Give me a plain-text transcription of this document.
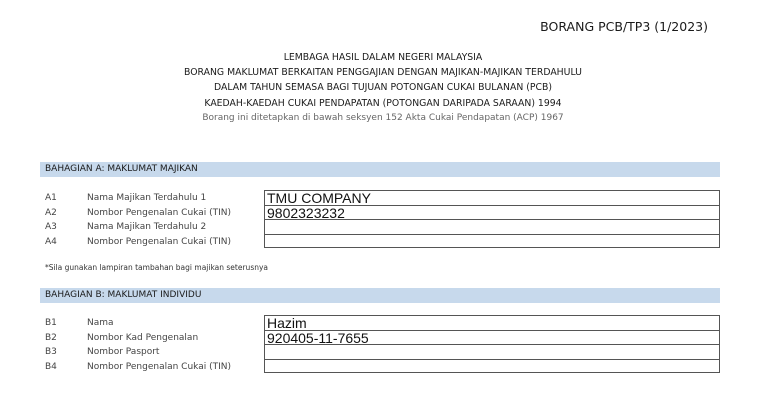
BORANG PCB/TP3 (1/2023)
LEMBAGA HASIL DALAM NEGERI MALAYSIA
BORANG MAKLUMAT BERKAITAN PENGGAJIAN DENGAN MAJIKAN-MAJIKAN TERDAHULU
DALAM TAHUN SEMASA BAGI TUJUAN POTONGAN CUKAI BULANAN (PCB)
KAEDAH-KAEDAH CUKAI PENDAPATAN (POTONGAN DARIPADA SARAAN) 1994
Borang ini ditetapkan di bawah seksyen 152 Akta Cukai Pendapatan (ACP) 1967
BAHAGIAN A: MAKLUMAT MAJIKAN
A1	Nama Majikan Terdahulu 1	TMU COMPANY
A2	Nombor Pengenalan Cukai (TIN)	9802323232
A3	Nama Majikan Terdahulu 2
A4	Nombor Pengenalan Cukai (TIN)
*Sila gunakan lampiran tambahan bagi majikan seterusnya
BAHAGIAN B: MAKLUMAT INDIVIDU
B1	Nama	Hazim
B2	Nombor Kad Pengenalan	920405-11-7655
B3	Nombor Pasport
B4	Nombor Pengenalan Cukai (TIN)
